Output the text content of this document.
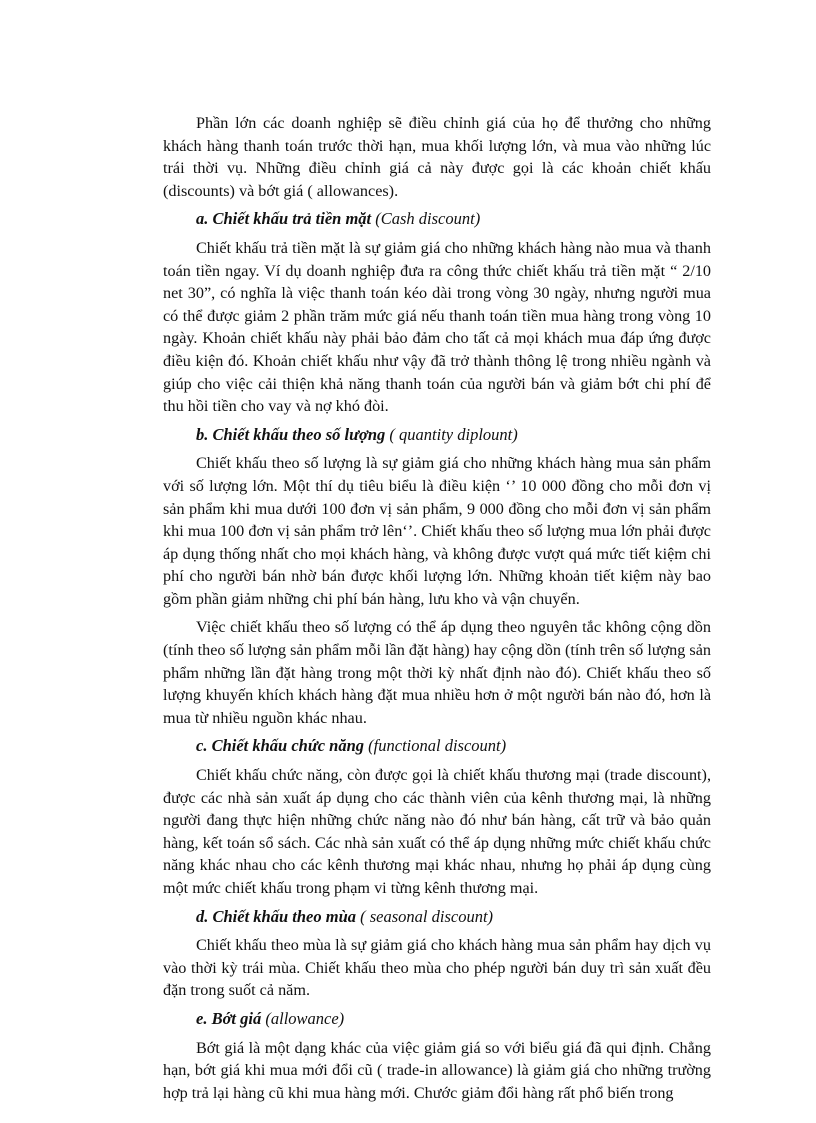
Phần lớn các doanh nghiệp sẽ điều chỉnh giá của họ để thưởng cho những khách hàng thanh toán trước thời hạn, mua khối lượng lớn, và mua vào những lúc trái thời vụ. Những điều chỉnh giá cả này được gọi là các khoản chiết khấu (discounts) và bớt giá ( allowances).

a. Chiết khấu trả tiền mặt (Cash discount)

Chiết khấu trả tiền mặt là sự giảm giá cho những khách hàng nào mua và thanh toán tiền ngay. Ví dụ doanh nghiệp đưa ra công thức chiết khấu trả tiền mặt “ 2/10 net 30”, có nghĩa là việc thanh toán kéo dài trong vòng 30 ngày, nhưng người mua có thể được giảm 2 phần trăm mức giá nếu thanh toán tiền mua hàng trong vòng 10 ngày. Khoản chiết khấu này phải bảo đảm cho tất cả mọi khách mua đáp ứng được điều kiện đó. Khoản chiết khấu như vậy đã trở thành thông lệ trong nhiều ngành và giúp cho việc cải thiện khả năng thanh toán của người bán và giảm bớt chi phí để thu hồi tiền cho vay và nợ khó đòi.

b. Chiết khấu theo số lượng ( quantity diplount)

Chiết khấu theo số lượng là sự giảm giá cho những khách hàng mua sản phẩm với số lượng lớn. Một thí dụ tiêu biểu là điều kiện ‘’ 10 000 đồng cho mỗi đơn vị sản phẩm khi mua dưới 100 đơn vị sản phẩm, 9 000 đồng cho mỗi đơn vị sản phẩm khi mua 100 đơn vị sản phẩm trở lên‘’. Chiết khấu theo số lượng mua lớn phải được áp dụng thống nhất cho mọi khách hàng, và không được vượt quá mức tiết kiệm chi phí cho người bán nhờ bán được khối lượng lớn. Những khoản tiết kiệm này bao gồm phần giảm những chi phí bán hàng, lưu kho và vận chuyển.

Việc chiết khấu theo số lượng có thể áp dụng theo nguyên tắc không cộng dồn (tính theo số lượng sản phẩm mỗi lần đặt hàng) hay cộng dồn (tính trên số lượng sản phẩm những lần đặt hàng trong một thời kỳ nhất định nào đó). Chiết khấu theo số lượng khuyến khích khách hàng đặt mua nhiều hơn ở một người bán nào đó, hơn là mua từ nhiều nguồn khác nhau.

c. Chiết khấu chức năng (functional discount)

Chiết khấu chức năng, còn được gọi là chiết khấu thương mại (trade discount), được các nhà sản xuất áp dụng cho các thành viên của kênh thương mại, là những người đang thực hiện những chức năng nào đó như bán hàng, cất trữ và bảo quản hàng, kết toán sổ sách. Các nhà sản xuất có thể áp dụng những mức chiết khấu chức năng khác nhau cho các kênh thương mại khác nhau, nhưng họ phải áp dụng cùng một mức chiết khấu trong phạm vi từng kênh thương mại.

d. Chiết khấu theo mùa ( seasonal discount)

Chiết khấu theo mùa là sự giảm giá cho khách hàng mua sản phẩm hay dịch vụ vào thời kỳ trái mùa. Chiết khấu theo mùa cho phép người bán duy trì sản xuất đều đặn trong suốt cả năm.

e. Bớt giá (allowance)

Bớt giá là một dạng khác của việc giảm giá so với biểu giá đã qui định. Chẳng hạn, bớt giá khi mua mới đổi cũ ( trade-in allowance) là giảm giá cho những trường hợp trả lại hàng cũ khi mua hàng mới. Chước giảm đổi hàng rất phổ biến trong
